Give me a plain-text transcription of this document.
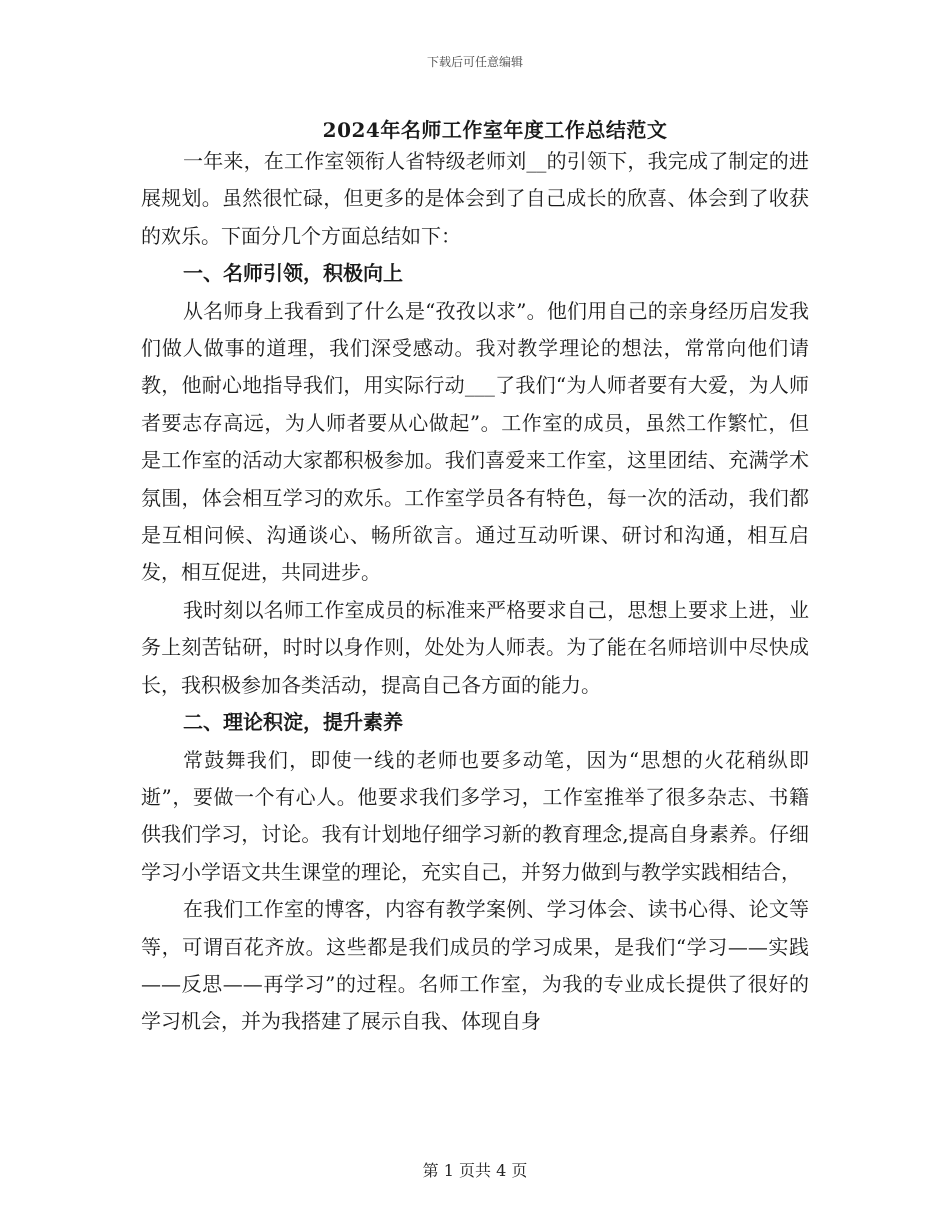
下载后可任意编辑
2024年名师工作室年度工作总结范文

一年来，在工作室领衔人省特级老师刘__的引领下，我完成了制定的进展规划。虽然很忙碌，但更多的是体会到了自己成长的欣喜、体会到了收获的欢乐。下面分几个方面总结如下：

一、名师引领，积极向上

从名师身上我看到了什么是“孜孜以求”。他们用自己的亲身经历启发我们做人做事的道理，我们深受感动。我对教学理论的想法，常常向他们请教，他耐心地指导我们，用实际行动___了我们“为人师者要有大爱，为人师者要志存高远，为人师者要从心做起”。工作室的成员，虽然工作繁忙，但是工作室的活动大家都积极参加。我们喜爱来工作室，这里团结、充满学术氛围，体会相互学习的欢乐。工作室学员各有特色，每一次的活动，我们都是互相问候、沟通谈心、畅所欲言。通过互动听课、研讨和沟通，相互启发，相互促进，共同进步。

我时刻以名师工作室成员的标准来严格要求自己，思想上要求上进，业务上刻苦钻研，时时以身作则，处处为人师表。为了能在名师培训中尽快成长，我积极参加各类活动，提高自己各方面的能力。

二、理论积淀，提升素养

常鼓舞我们，即使一线的老师也要多动笔，因为“思想的火花稍纵即逝”，要做一个有心人。他要求我们多学习，工作室推举了很多杂志、书籍供我们学习，讨论。我有计划地仔细学习新的教育理念,提高自身素养。仔细学习小学语文共生课堂的理论，充实自己，并努力做到与教学实践相结合，

在我们工作室的博客，内容有教学案例、学习体会、读书心得、论文等等，可谓百花齐放。这些都是我们成员的学习成果，是我们“学习——实践——反思——再学习”的过程。名师工作室，为我的专业成长提供了很好的学习机会，并为我搭建了展示自我、体现自身

第 1 页共 4 页
